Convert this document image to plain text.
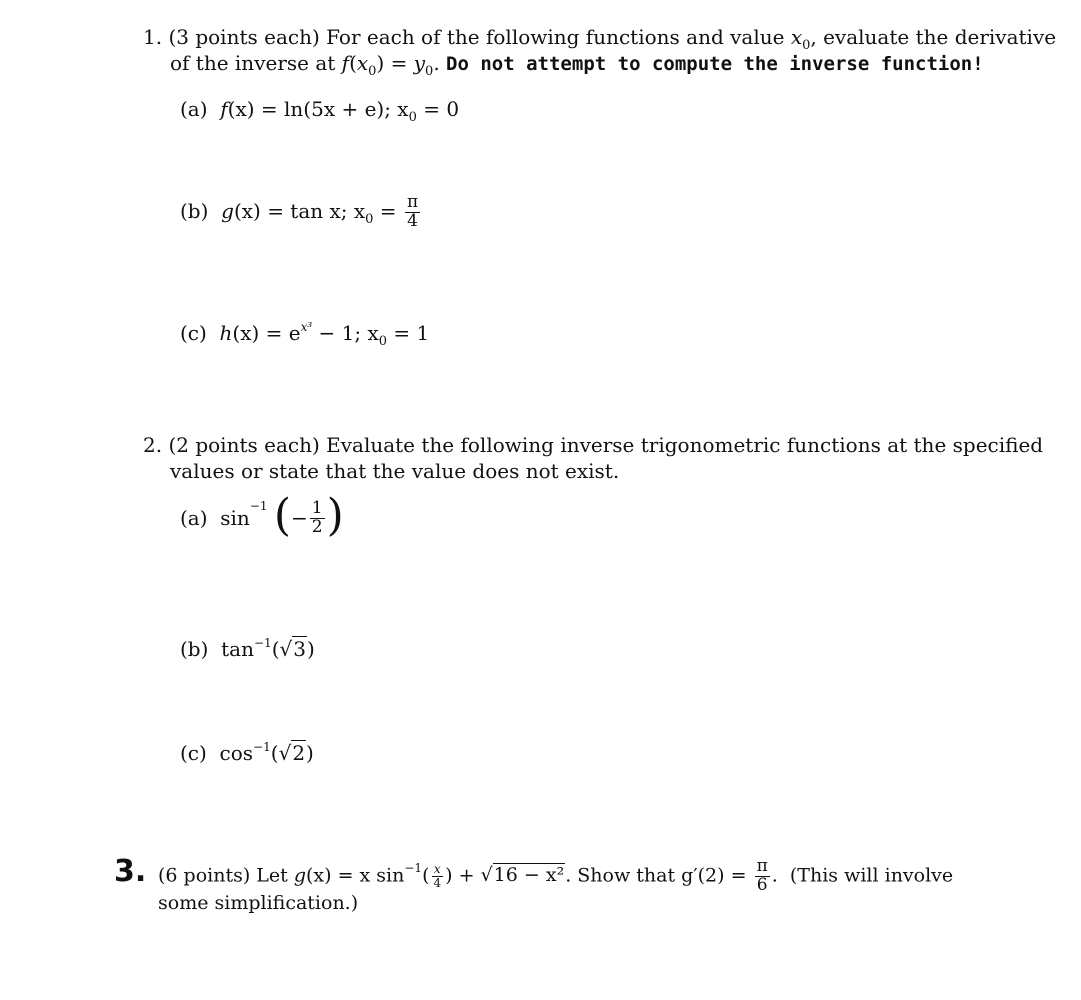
1. (3 points each) For each of the following functions and value $x_0$, evaluate the derivative
of the inverse at $f(x_0) = y_0$. Do not attempt to compute the inverse function!
(a) f(x) = ln(5x + e); $x_0 = 0$
(b) g(x) = tan x; $x_0 = \frac{\pi}{4}$
(c) $h(x) = e^{x^3} - 1$; $x_0 = 1$
2. (2 points each) Evaluate the following inverse trigonometric functions at the specified
values or state that the value does not exist.
(a) $\sin^{-1}$ (− $\frac{1}{2}$ )
(b) $\tan^{-1}(√3)$
(c) $\cos^{-1}(√2)$
3. (6 points) Let g(x) = x $\sin^{-1}( \frac{x}{4}$ ) + √16 − x². Show that $g'(2) = \frac{\pi}{6}$ . (This will involve
some simplification.)
